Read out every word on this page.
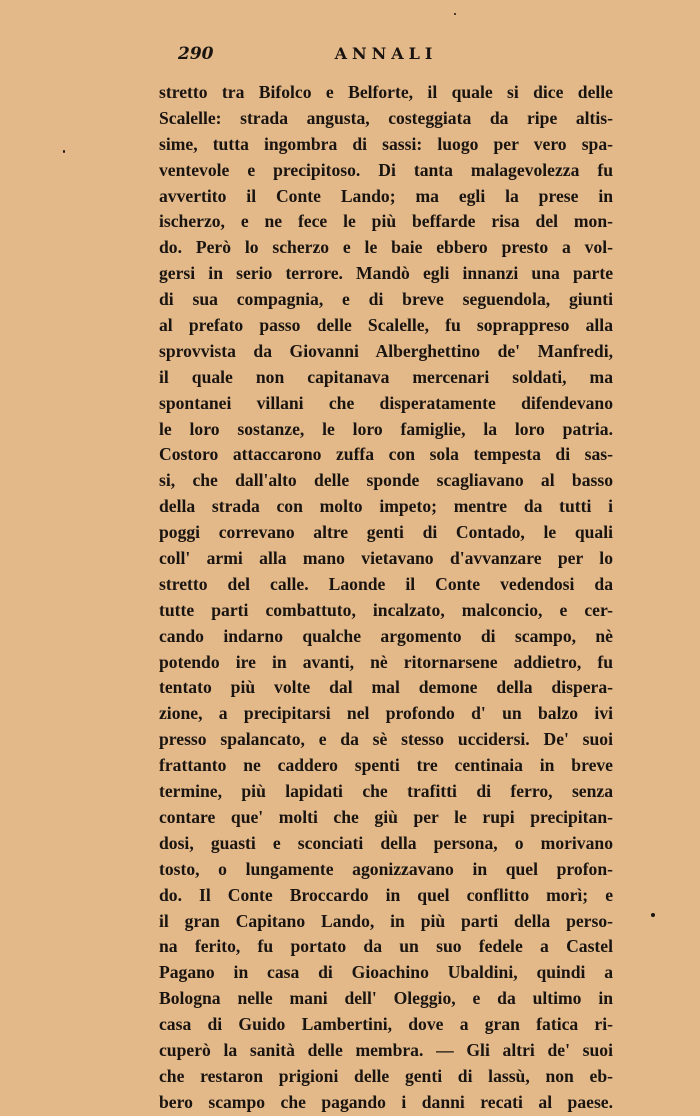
290	ANNALI
stretto tra Bifolco e Belforte, il quale si dice delle
Scalelle: strada angusta, costeggiata da ripe altis-
sime, tutta ingombra di sassi: luogo per vero spa-
ventevole e precipitoso. Di tanta malagevolezza fu
avvertito il Conte Lando; ma egli la prese in
ischerzo, e ne fece le più beffarde risa del mon-
do. Però lo scherzo e le baie ebbero presto a vol-
gersi in serio terrore. Mandò egli innanzi una parte
di sua compagnia, e di breve seguendola, giunti
al prefato passo delle Scalelle, fu soprappreso alla
sprovvista da Giovanni Alberghettino de' Manfredi,
il quale non capitanava mercenari soldati, ma
spontanei villani che disperatamente difendevano
le loro sostanze, le loro famiglie, la loro patria.
Costoro attaccarono zuffa con sola tempesta di sas-
si, che dall'alto delle sponde scagliavano al basso
della strada con molto impeto; mentre da tutti i
poggi correvano altre genti di Contado, le quali
coll' armi alla mano vietavano d'avvanzare per lo
stretto del calle. Laonde il Conte vedendosi da
tutte parti combattuto, incalzato, malconcio, e cer-
cando indarno qualche argomento di scampo, nè
potendo ire in avanti, nè ritornarsene addietro, fu
tentato più volte dal mal demone della dispera-
zione, a precipitarsi nel profondo d' un balzo ivi
presso spalancato, e da sè stesso uccidersi. De' suoi
frattanto ne caddero spenti tre centinaia in breve
termine, più lapidati che trafitti di ferro, senza
contare que' molti che giù per le rupi precipitan-
dosi, guasti e sconciati della persona, o morivano
tosto, o lungamente agonizzavano in quel profon-
do. Il Conte Broccardo in quel conflitto morì; e
il gran Capitano Lando, in più parti della perso-
na ferito, fu portato da un suo fedele a Castel
Pagano in casa di Gioachino Ubaldini, quindi a
Bologna nelle mani dell' Oleggio, e da ultimo in
casa di Guido Lambertini, dove a gran fatica ri-
cuperò la sanità delle membra. — Gli altri de' suoi
che restaron prigioni delle genti di lassù, non eb-
bero scampo che pagando i danni recati al paese.
